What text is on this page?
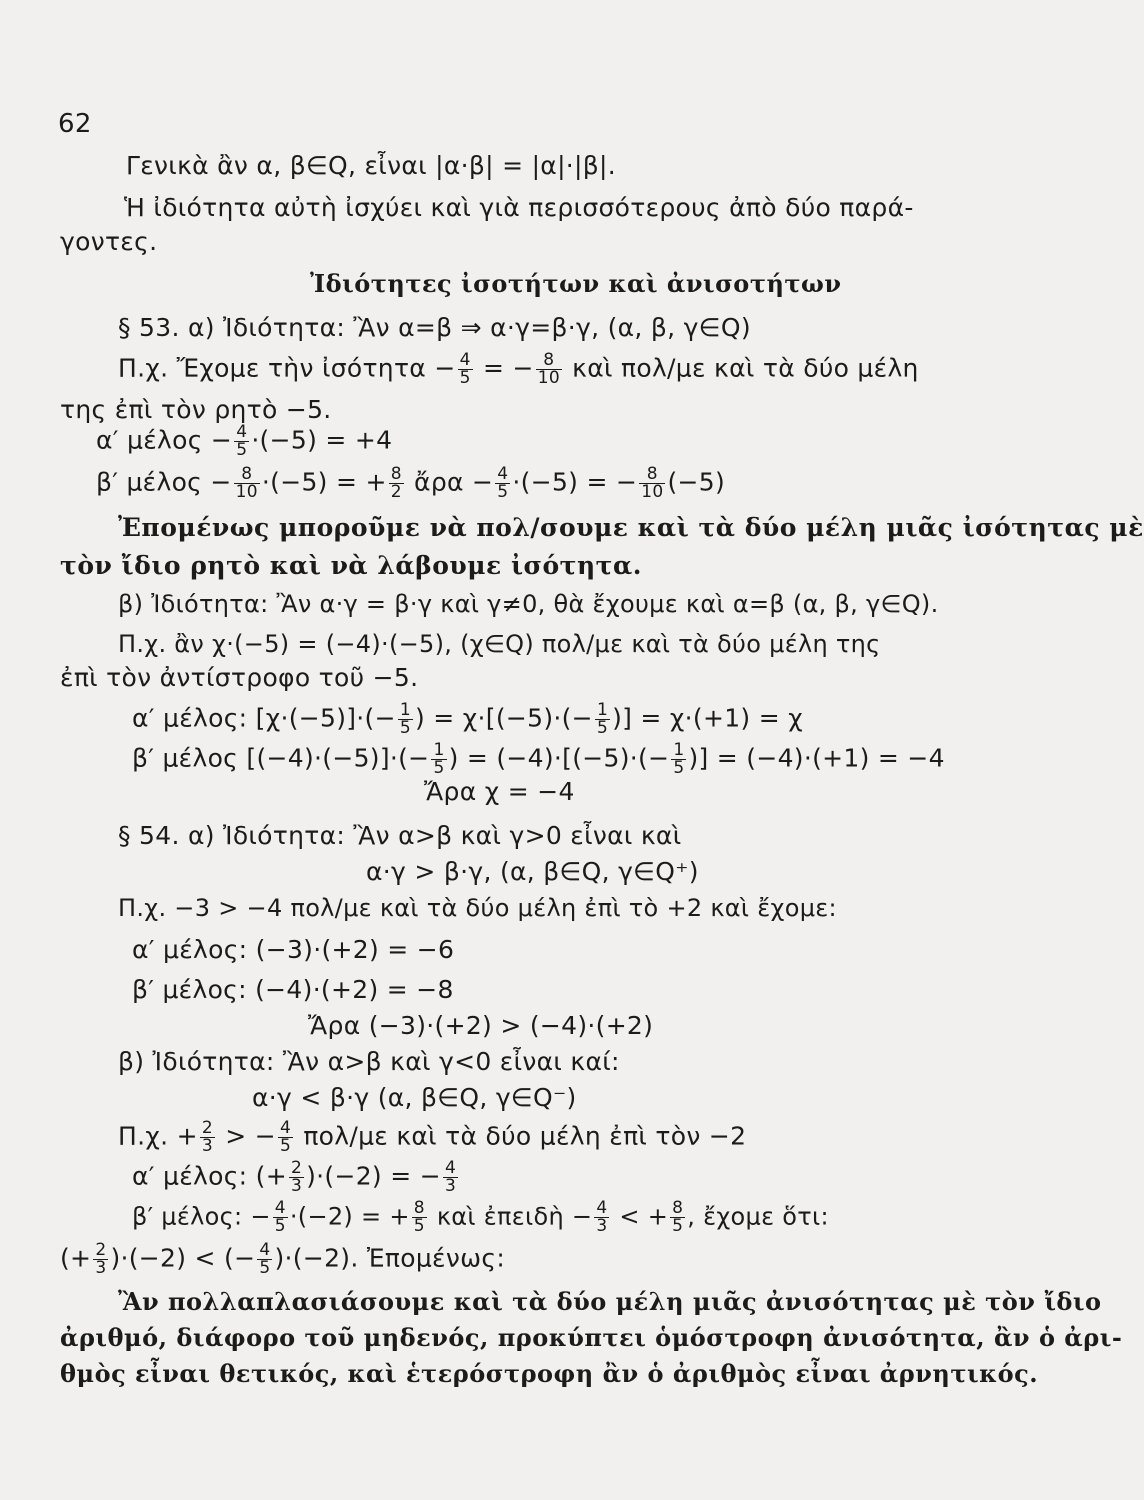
62
Γενικὰ ἂν α, β∈Q, εἶναι |α·β| = |α|·|β|.
Ἡ ἰδιότητα αὐτὴ ἰσχύει καὶ γιὰ περισσότερους ἀπὸ δύο παρά-
γοντες.
Ἰδιότητες ἰσοτήτων καὶ ἀνισοτήτων
§ 53. α) Ἰδιότητα: Ἂν α=β ⇒ α·γ=β·γ, (α, β, γ∈Q)
Π.χ. Ἔχομε τὴν ἰσότητα − $\frac{4}{5}$ = − $\frac{8}{10}$ καὶ πολ/με καὶ τὰ δύο μέλη
της ἐπὶ τὸν ρητὸ −5.
α′ $\mu έ\lambda o\varsigma - \frac{4}{5} \cdot(-5) = +4$
β′ $\mu έ\lambda o\varsigma - \frac{8}{10} \cdot(-5)$ = + $\frac{8}{2}$ ἄρα − $\frac{4}{5} \cdot(-5)$ = − $\frac{8}{10} (-5)$
Ἐπομένως μποροῦμε νὰ πολ/σουμε καὶ τὰ δύο μέλη μιᾶς ἰσότητας μὲ
τὸν ἴδιο ρητὸ καὶ νὰ λάβουμε ἰσότητα.
β) Ἰδιότητα: Ἂν α·γ = β·γ καὶ γ≠0, θὰ ἔχουμε καὶ α=β (α, β, γ∈Q).
Π.χ. ἂν χ·(−5) = (−4)·(−5), (χ∈Q) πολ/με καὶ τὰ δύο μέλη της
ἐπὶ τὸν ἀντίστροφο τοῦ −5.
α′ μέλος: $[\chi\cdot(-5)]\cdot(- \frac{1}{5}$ ) = $\chi\cdot[(-5)\cdot(- \frac{1}{5}$ )] = χ·(+1) = χ
β′ μέλος $[(-4)\cdot(-5)]\cdot(- \frac{1}{5}$ ) = $(-4)\cdot[(-5)\cdot(- \frac{1}{5}$ )] = (−4)·(+1) = −4
Ἄρα χ = −4
§ 54. α) Ἰδιότητα: Ἂν α>β καὶ γ>0 εἶναι καὶ
α·γ > β·γ, (α, β∈Q, γ∈Q⁺)
Π.χ. −3 > −4 πολ/με καὶ τὰ δύο μέλη ἐπὶ τὸ +2 καὶ ἔχομε:
α′ μέλος: (−3)·(+2) = −6
β′ μέλος: (−4)·(+2) = −8
Ἄρα (−3)·(+2) > (−4)·(+2)
β) Ἰδιότητα: Ἂν α>β καὶ γ<0 εἶναι καί:
α·γ < β·γ (α, β∈Q, γ∈Q⁻)
Π.χ. + $\frac{2}{3}$ > − $\frac{4}{5} \pi o\lambda/\mu\varepsilon$ καὶ τὰ δύο μέλη ἐπὶ τὸν −2
α′ μέλος: (+ $\frac{2}{3} )\cdot(-2)$ = − $\frac{4}{3}$
β′ μέλος: − $\frac{4}{5} \cdot(-2)$ = + $\frac{8}{5}$ καὶ ἐπειδὴ − $\frac{4}{3}$ < + $\frac{8}{5}$ , ἔχομε ὅτι:
(+ $\frac{2}{3} )\cdot(-2)$ < (− $\frac{4}{5} )\cdot(-2)$. Ἐπομένως:
Ἂν πολλαπλασιάσουμε καὶ τὰ δύο μέλη μιᾶς ἀνισότητας μὲ τὸν ἴδιο
ἀριθμό, διάφορο τοῦ μηδενός, προκύπτει ὁμόστροφη ἀνισότητα, ἂν ὁ ἀρι-
θμὸς εἶναι θετικός, καὶ ἑτερόστροφη ἂν ὁ ἀριθμὸς εἶναι ἀρνητικός.
